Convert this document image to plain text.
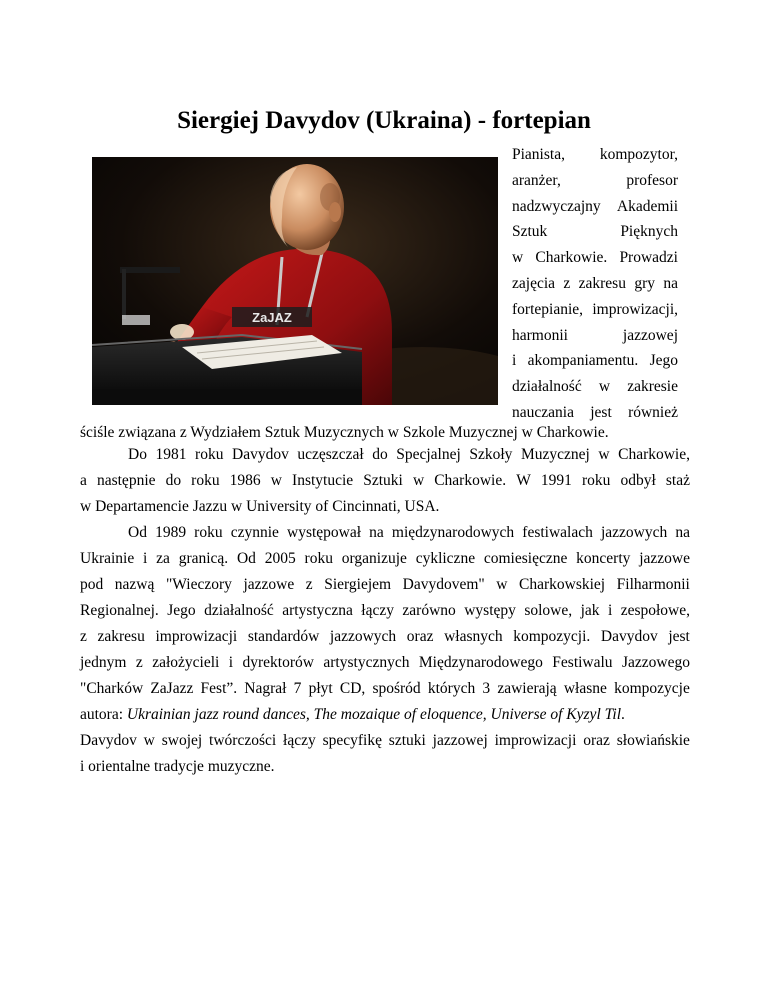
Siergiej Davydov (Ukraina) - fortepian
ZaJAZ
Pianista, kompozytor,
aranżer,	profesor
nadzwyczajny Akademii
Sztuk	Pięknych
w Charkowie. Prowadzi
zajęcia z zakresu gry na
fortepianie, improwizacji,
harmonii	jazzowej
i akompaniamentu. Jego
działalność w zakresie
nauczania jest również
ściśle związana z Wydziałem Sztuk Muzycznych w Szkole Muzycznej w Charkowie.
Do 1981 roku Davydov uczęszczał do Specjalnej Szkoły Muzycznej w Charkowie,
a następnie do roku 1986 w Instytucie Sztuki w Charkowie. W 1991 roku odbył staż
w Departamencie Jazzu w University of Cincinnati, USA.
Od 1989 roku czynnie występował na międzynarodowych festiwalach jazzowych na
Ukrainie i za granicą. Od 2005 roku organizuje cykliczne comiesięczne koncerty jazzowe
pod nazwą "Wieczory jazzowe z Siergiejem Davydovem" w Charkowskiej Filharmonii
Regionalnej. Jego działalność artystyczna łączy zarówno występy solowe, jak i zespołowe,
z zakresu improwizacji standardów jazzowych oraz własnych kompozycji. Davydov jest
jednym z założycieli i dyrektorów artystycznych Międzynarodowego Festiwalu Jazzowego
"Charków ZaJazz Fest”. Nagrał 7 płyt CD, spośród których 3 zawierają własne kompozycje
autora: Ukrainian jazz round dances, The mozaique of eloquence, Universe of Kyzyl Til .
Davydov w swojej twórczości łączy specyfikę sztuki jazzowej improwizacji oraz słowiańskie
i orientalne tradycje muzyczne.
